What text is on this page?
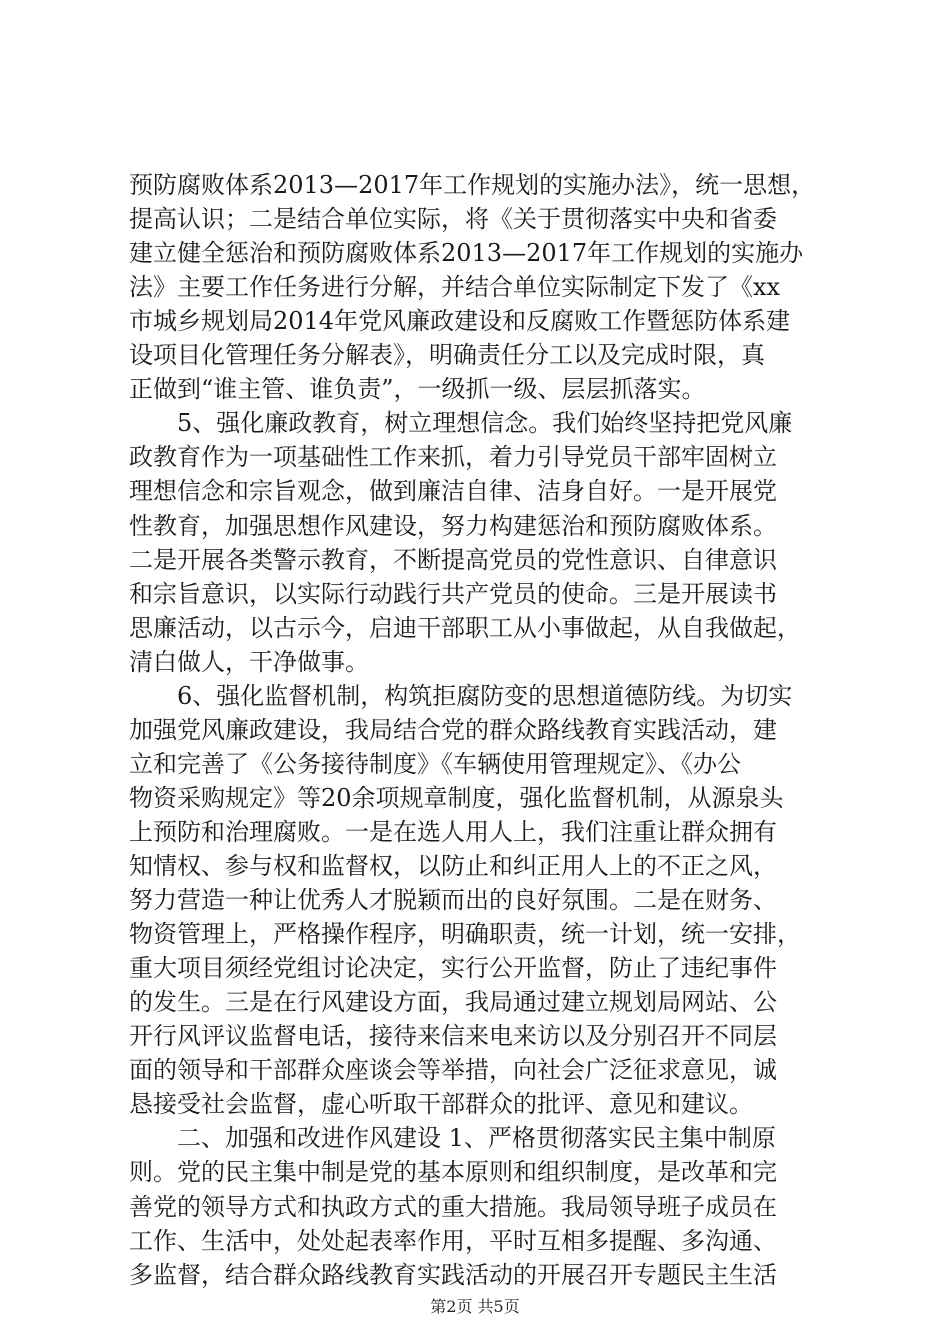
预防腐败体系2013—2017年工作规划的实施办法》，统一思想，
提高认识；二是结合单位实际，将《关于贯彻落实中央和省委
建立健全惩治和预防腐败体系2013—2017年工作规划的实施办
法》主要工作任务进行分解，并结合单位实际制定下发了《xx
市城乡规划局2014年党风廉政建设和反腐败工作暨惩防体系建
设项目化管理任务分解表》，明确责任分工以及完成时限，真
正做到“谁主管、谁负责”，一级抓一级、层层抓落实。
　　5、强化廉政教育，树立理想信念。我们始终坚持把党风廉
政教育作为一项基础性工作来抓，着力引导党员干部牢固树立
理想信念和宗旨观念，做到廉洁自律、洁身自好。一是开展党
性教育，加强思想作风建设，努力构建惩治和预防腐败体系。
二是开展各类警示教育，不断提高党员的党性意识、自律意识
和宗旨意识，以实际行动践行共产党员的使命。三是开展读书
思廉活动，以古示今，启迪干部职工从小事做起，从自我做起，
清白做人，干净做事。
　　6、强化监督机制，构筑拒腐防变的思想道德防线。为切实
加强党风廉政建设，我局结合党的群众路线教育实践活动，建
立和完善了《公务接待制度》《车辆使用管理规定》、《办公
物资采购规定》等20余项规章制度，强化监督机制，从源泉头
上预防和治理腐败。一是在选人用人上，我们注重让群众拥有
知情权、参与权和监督权，以防止和纠正用人上的不正之风，
努力营造一种让优秀人才脱颖而出的良好氛围。二是在财务、
物资管理上，严格操作程序，明确职责，统一计划，统一安排，
重大项目须经党组讨论决定，实行公开监督，防止了违纪事件
的发生。三是在行风建设方面，我局通过建立规划局网站、公
开行风评议监督电话，接待来信来电来访以及分别召开不同层
面的领导和干部群众座谈会等举措，向社会广泛征求意见，诚
恳接受社会监督，虚心听取干部群众的批评、意见和建议。
　　二、加强和改进作风建设 1、严格贯彻落实民主集中制原
则。党的民主集中制是党的基本原则和组织制度，是改革和完
善党的领导方式和执政方式的重大措施。我局领导班子成员在
工作、生活中，处处起表率作用，平时互相多提醒、多沟通、
多监督，结合群众路线教育实践活动的开展召开专题民主生活
第2页 共5页
